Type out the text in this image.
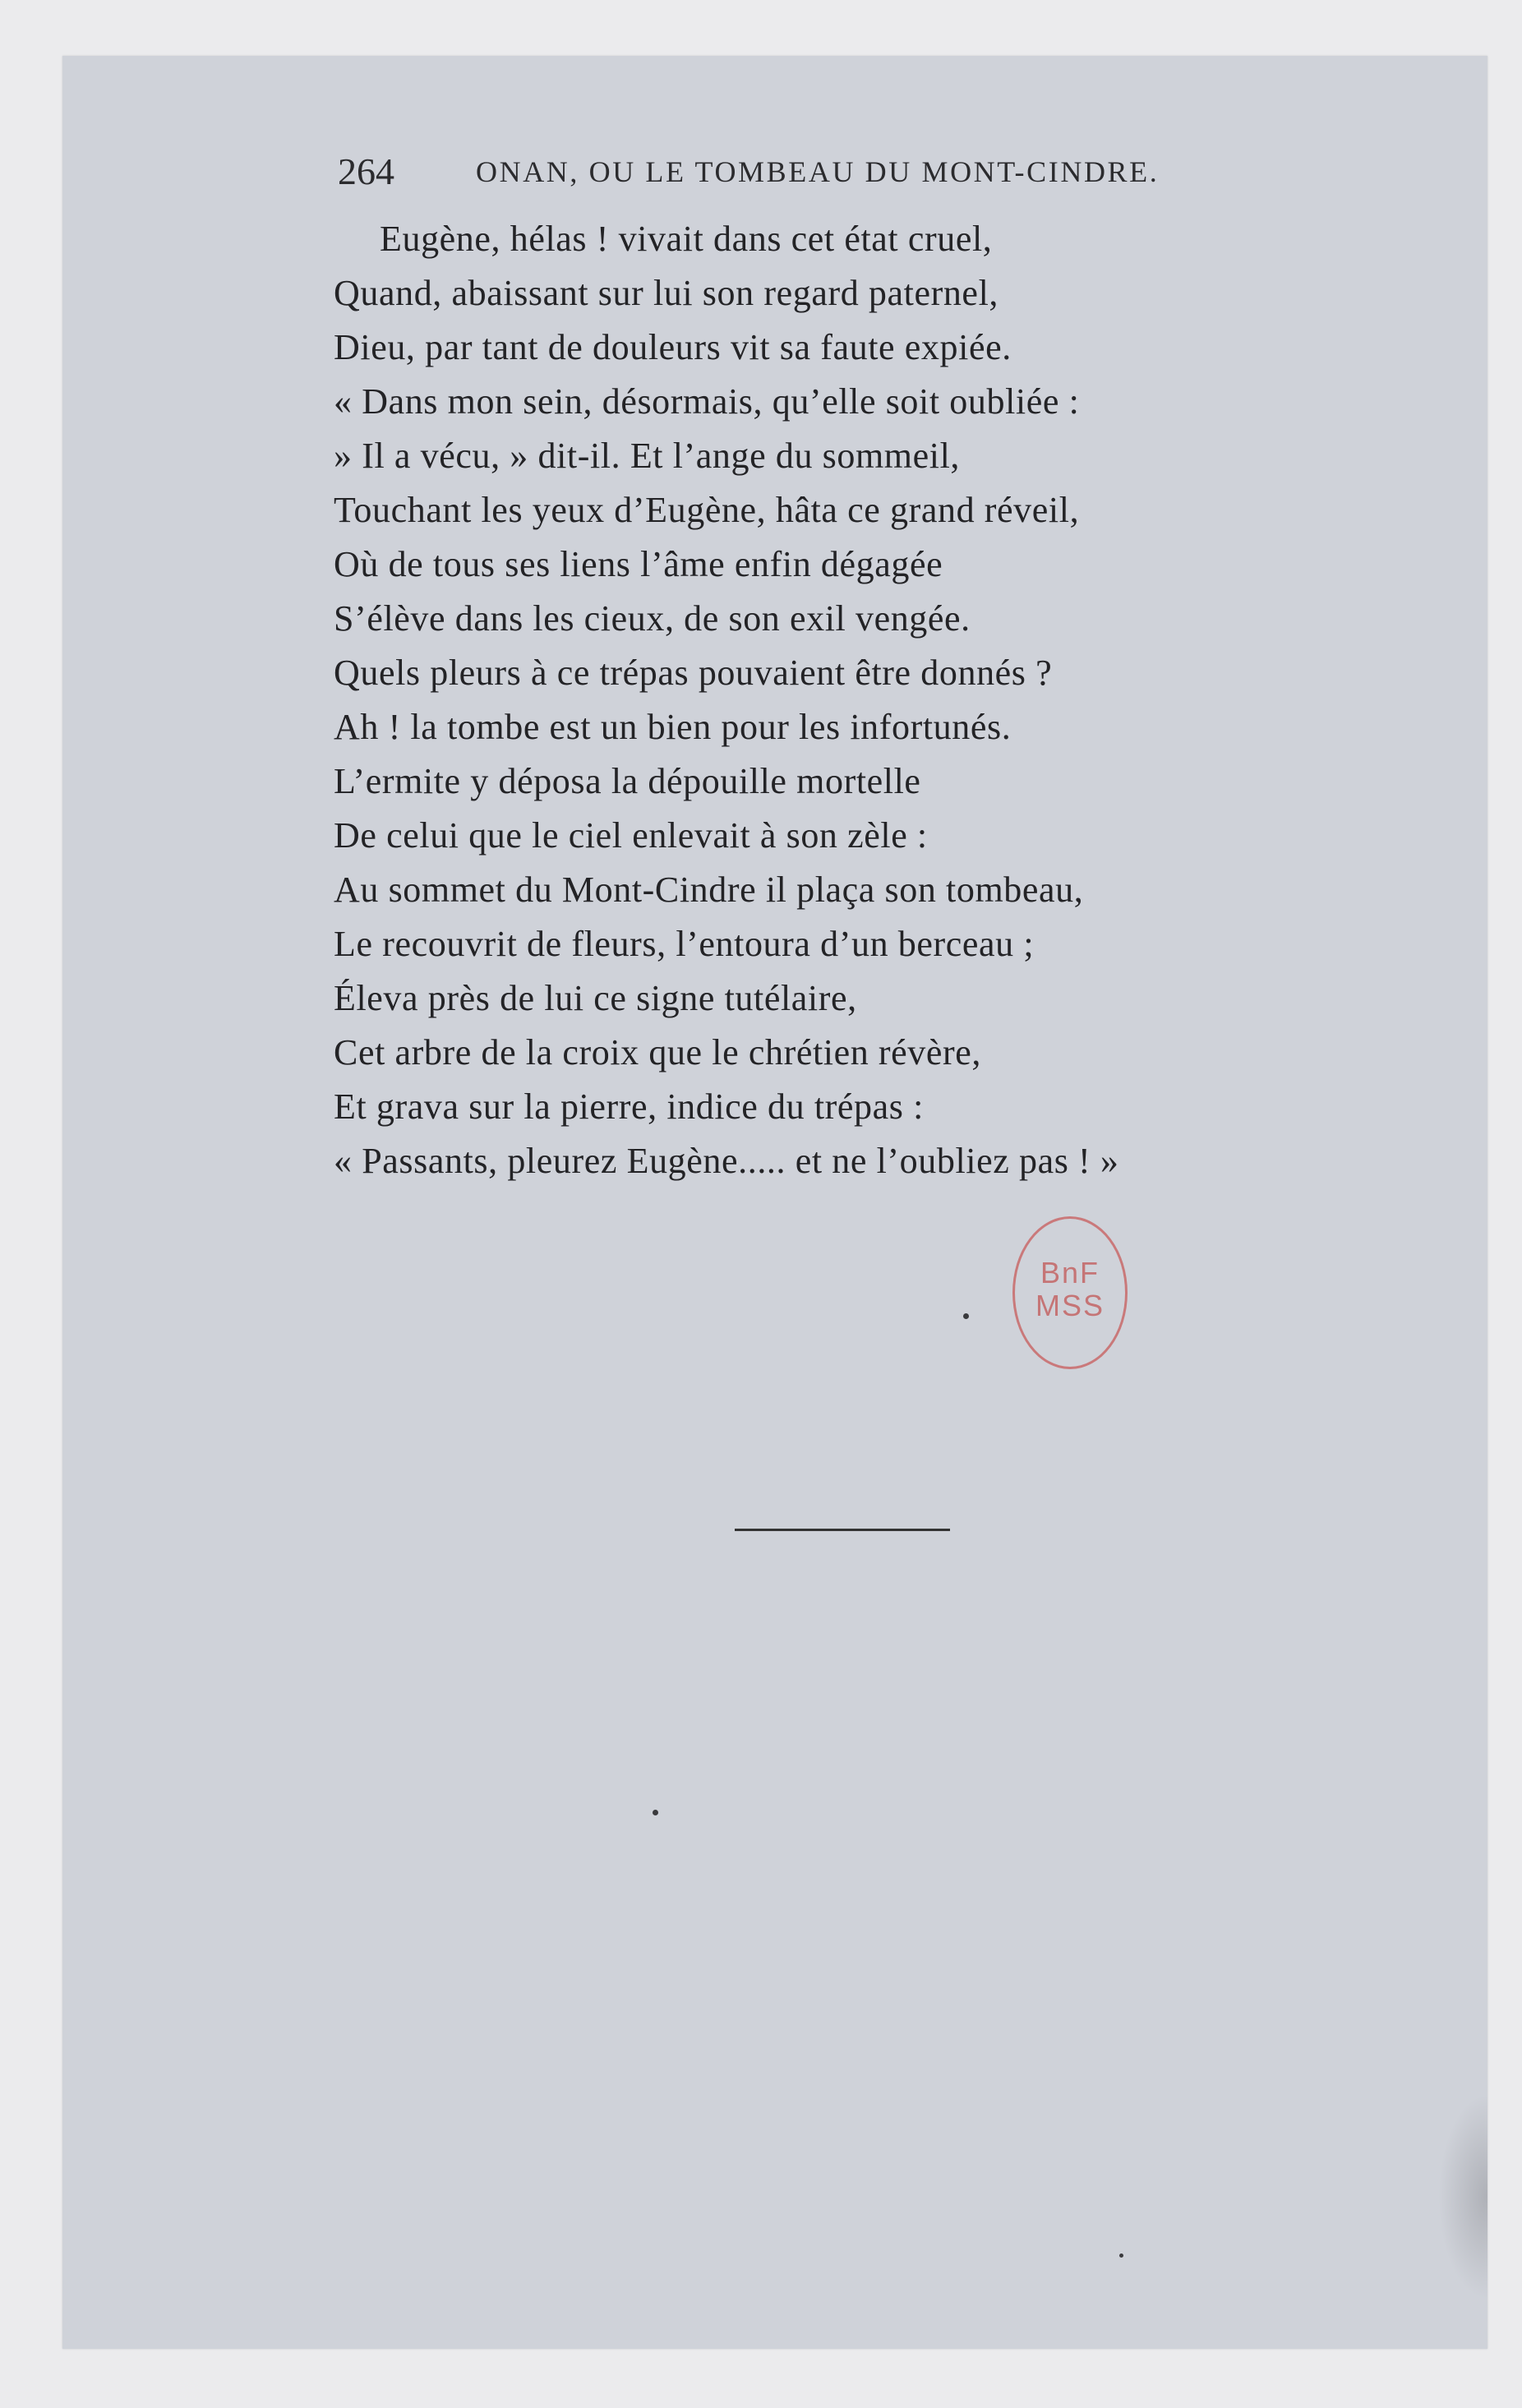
264	ONAN, OU LE TOMBEAU DU MONT-CINDRE.
Eugène, hélas ! vivait dans cet état cruel,
Quand, abaissant sur lui son regard paternel,
Dieu, par tant de douleurs vit sa faute expiée.
« Dans mon sein, désormais, qu’elle soit oubliée :
» Il a vécu, » dit-il. Et l’ange du sommeil,
Touchant les yeux d’Eugène, hâta ce grand réveil,
Où de tous ses liens l’âme enfin dégagée
S’élève dans les cieux, de son exil vengée.
Quels pleurs à ce trépas pouvaient être donnés ?
Ah ! la tombe est un bien pour les infortunés.
L’ermite y déposa la dépouille mortelle
De celui que le ciel enlevait à son zèle :
Au sommet du Mont-Cindre il plaça son tombeau,
Le recouvrit de fleurs, l’entoura d’un berceau ;
Éleva près de lui ce signe tutélaire,
Cet arbre de la croix que le chrétien révère,
Et grava sur la pierre, indice du trépas :
« Passants, pleurez Eugène..... et ne l’oubliez pas ! »
BnF
MSS
